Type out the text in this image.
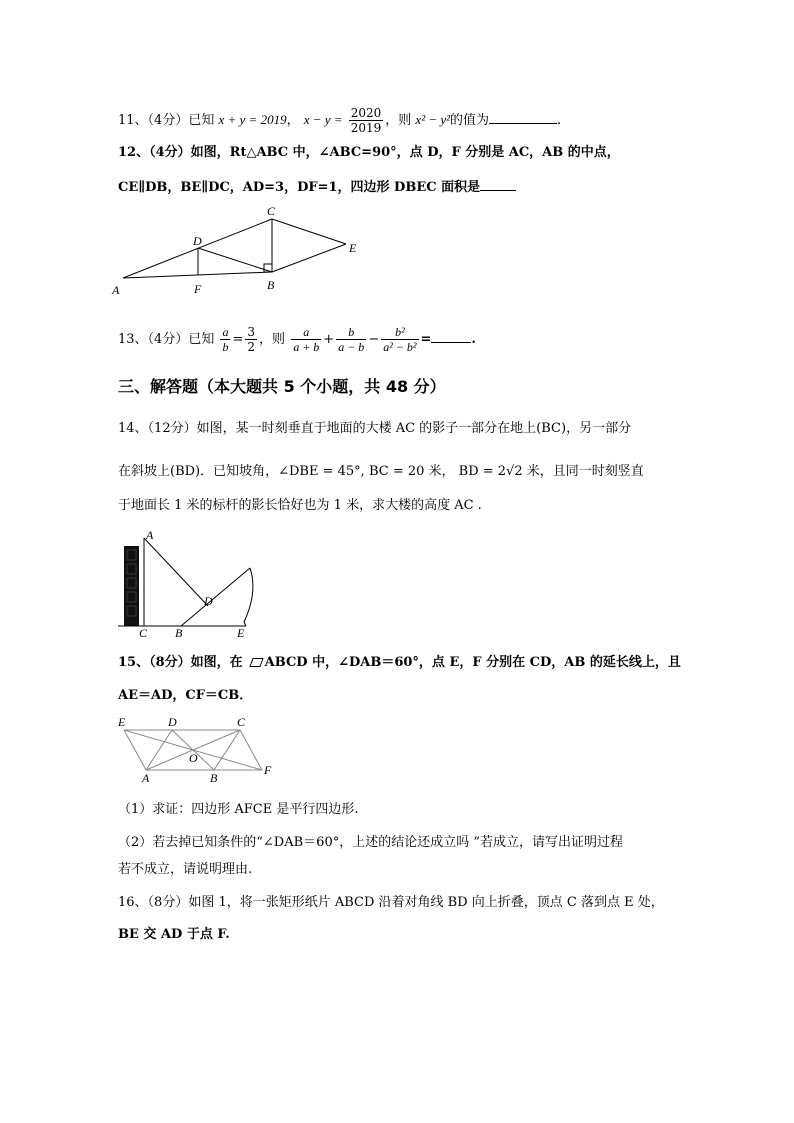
11、（4分）已知 x + y = 2019， $x - y = \frac{2020}{2019}$ ，则 x² − y²的值为	.
12、（4分）如图，Rt△ABC 中，∠ABC=90°，点 D，F 分别是 AC，AB 的中点，
CE∥DB，BE∥DC，AD=3，DF=1，四边形 DBEC 面积是
A	F	B
C
D	E
13、（4分）已知 $\frac{a}{b} = \frac{3}{2}$ ，则 $\frac{a}{a + b} + \frac{b}{a - b} - \frac{\text{b²}}{\text{a² − b²}}$ =	.
三、解答题（本大题共 5 个小题，共 48 分）
14、（12分）如图，某一时刻垂直于地面的大楼 AC 的影子一部分在地上(BC)，另一部分
在斜坡上(BD)．已知坡角，∠DBE = 45°, BC = 20 米， BD = 2√2 米，且同一时刻竖直
于地面长 1 米的标杆的影长恰好也为 1 米，求大楼的高度 AC .
A
C B
D
E
15、（8分）如图，在 ABCD 中，∠DAB＝60°，点 E，F 分别在 CD，AB 的延长线上，且
AE＝AD，CF＝CB．
E	D	C
O
A	B
F
（1）求证：四边形 AFCE 是平行四边形.
（2）若去掉已知条件的“∠DAB＝60°，上述的结论还成立吗 ”若成立，请写出证明过程
若不成立，请说明理由.
16、（8分）如图 1，将一张矩形纸片 ABCD 沿着对角线 BD 向上折叠，顶点 C 落到点 E 处，
BE 交 AD 于点 F.
